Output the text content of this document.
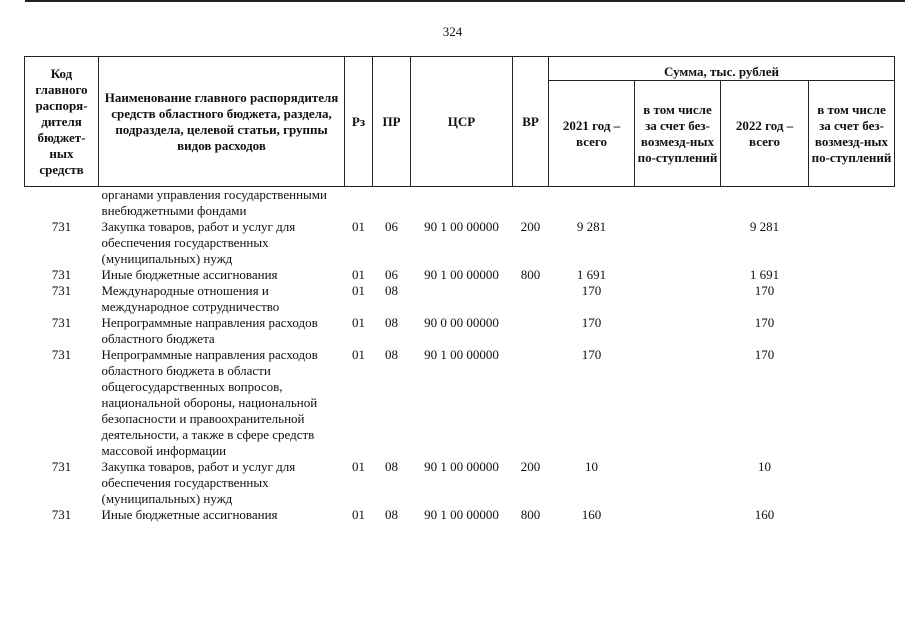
324
Код главного распоря-дителя бюджет-ных средств	Наименование главного распорядителя средств областного бюджета, раздела, подраздела, целевой статьи, группы видов расходов	Рз	ПР	ЦСР	ВР	Сумма, тыс. рублей			
						2021 год – всего	в том числе за счет без-возмезд-ных по-ступлений	2022 год – всего	в том числе за счет без-возмезд-ных по-ступлений
	органами управления государственными внебюджетными фондами								
731	Закупка товаров, работ и услуг для обеспечения государственных (муниципальных) нужд	01	06	90 1 00 00000	200	9 281		9 281	
731	Иные бюджетные ассигнования	01	06	90 1 00 00000	800	1 691		1 691	
731	Международные отношения и международное сотрудничество	01	08			170		170	
731	Непрограммные направления расходов областного бюджета	01	08	90 0 00 00000		170		170	
731	Непрограммные направления расходов областного бюджета в области общегосударственных вопросов, национальной обороны, национальной безопасности и правоохранительной деятельности, а также в сфере средств массовой информации	01	08	90 1 00 00000		170		170	
731	Закупка товаров, работ и услуг для обеспечения государственных (муниципальных) нужд	01	08	90 1 00 00000	200	10		10	
731	Иные бюджетные ассигнования	01	08	90 1 00 00000	800	160		160	
